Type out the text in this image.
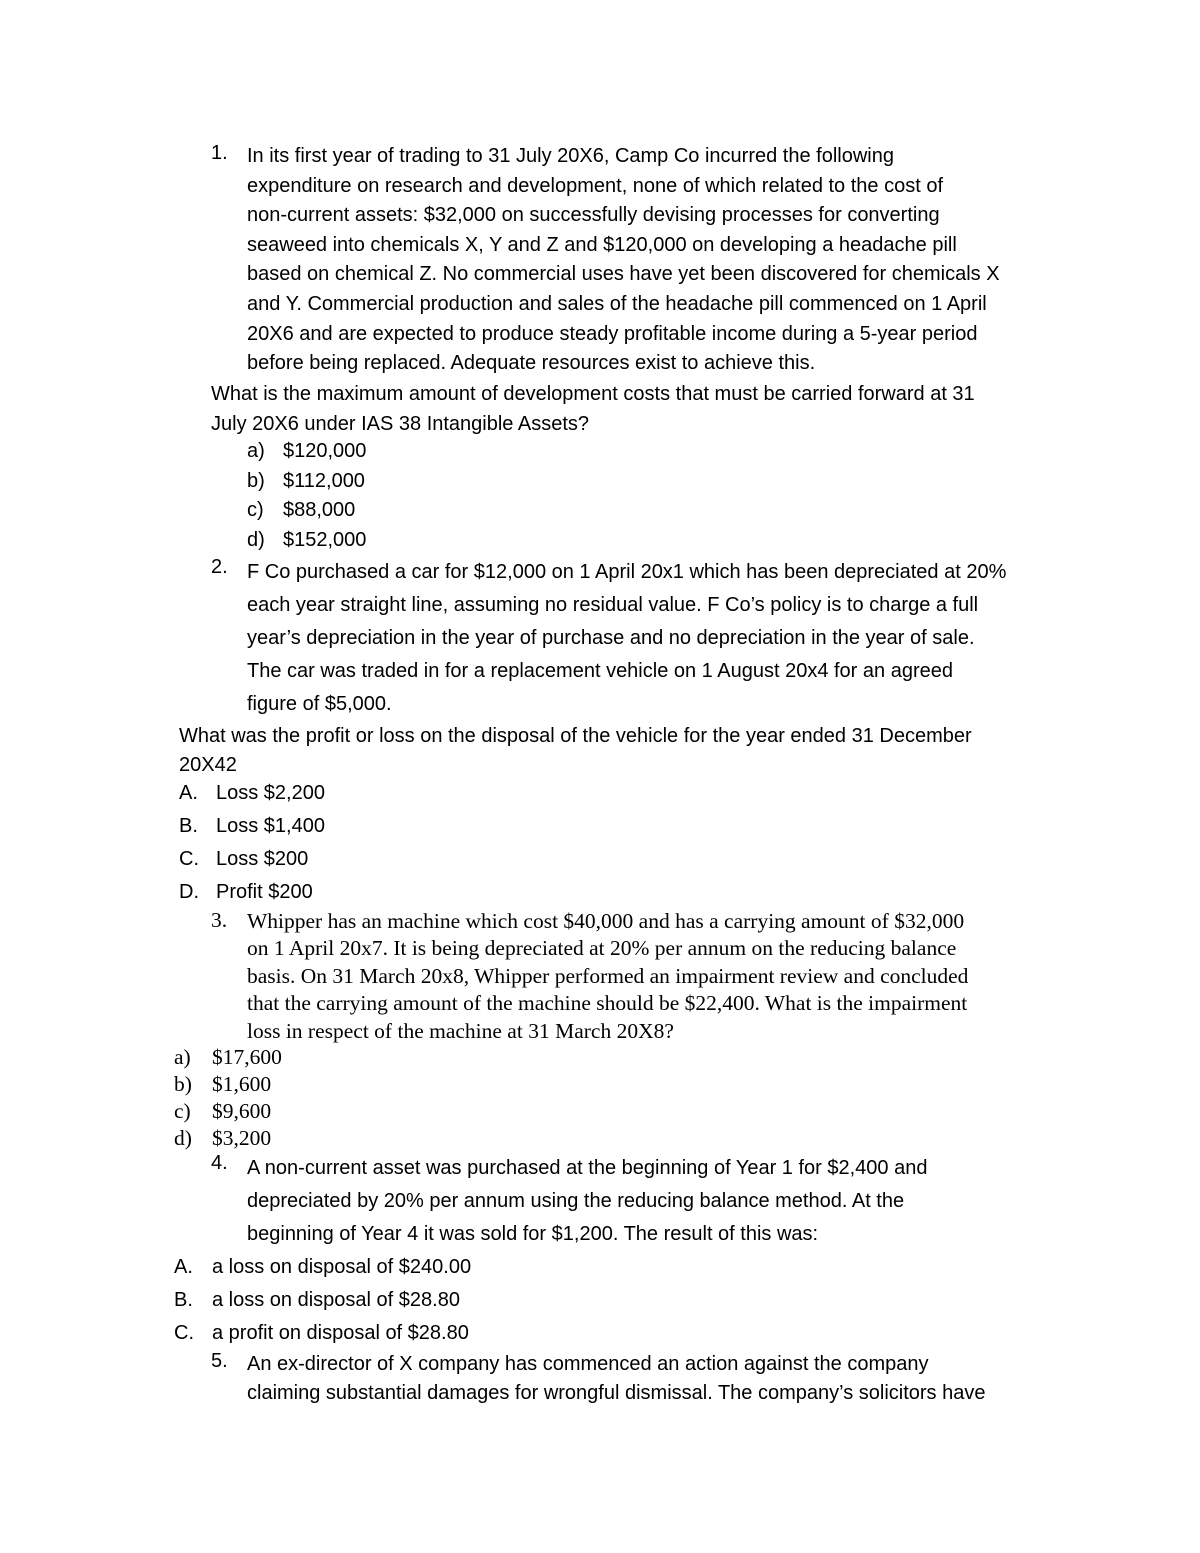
1. In its first year of trading to 31 July 20X6, Camp Co incurred the following
expenditure on research and development, none of which related to the cost of
non-current assets: $32,000 on successfully devising processes for converting
seaweed into chemicals X, Y and Z and $120,000 on developing a headache pill
based on chemical Z. No commercial uses have yet been discovered for chemicals X
and Y. Commercial production and sales of the headache pill commenced on 1 April
20X6 and are expected to produce steady profitable income during a 5-year period
before being replaced. Adequate resources exist to achieve this.
What is the maximum amount of development costs that must be carried forward at 31
July 20X6 under IAS 38 Intangible Assets?
a) $120,000
b) $112,000
c) $88,000
d) $152,000
2. F Co purchased a car for $12,000 on 1 April 20x1 which has been depreciated at 20%
each year straight line, assuming no residual value. F Co’s policy is to charge a full
year’s depreciation in the year of purchase and no depreciation in the year of sale.
The car was traded in for a replacement vehicle on 1 August 20x4 for an agreed
figure of $5,000.
What was the profit or loss on the disposal of the vehicle for the year ended 31 December
20X42
A. Loss $2,200
B. Loss $1,400
C. Loss $200
D. Profit $200
3. Whipper has an machine which cost $40,000 and has a carrying amount of $32,000
on 1 April 20x7. It is being depreciated at 20% per annum on the reducing balance
basis. On 31 March 20x8, Whipper performed an impairment review and concluded
that the carrying amount of the machine should be $22,400. What is the impairment
loss in respect of the machine at 31 March 20X8?
a) $17,600
b) $1,600
c) $9,600
d) $3,200
4. A non-current asset was purchased at the beginning of Year 1 for $2,400 and
depreciated by 20% per annum using the reducing balance method. At the
beginning of Year 4 it was sold for $1,200. The result of this was:
A. a loss on disposal of $240.00
B. a loss on disposal of $28.80
C. a profit on disposal of $28.80
5. An ex-director of X company has commenced an action against the company
claiming substantial damages for wrongful dismissal. The company’s solicitors have
